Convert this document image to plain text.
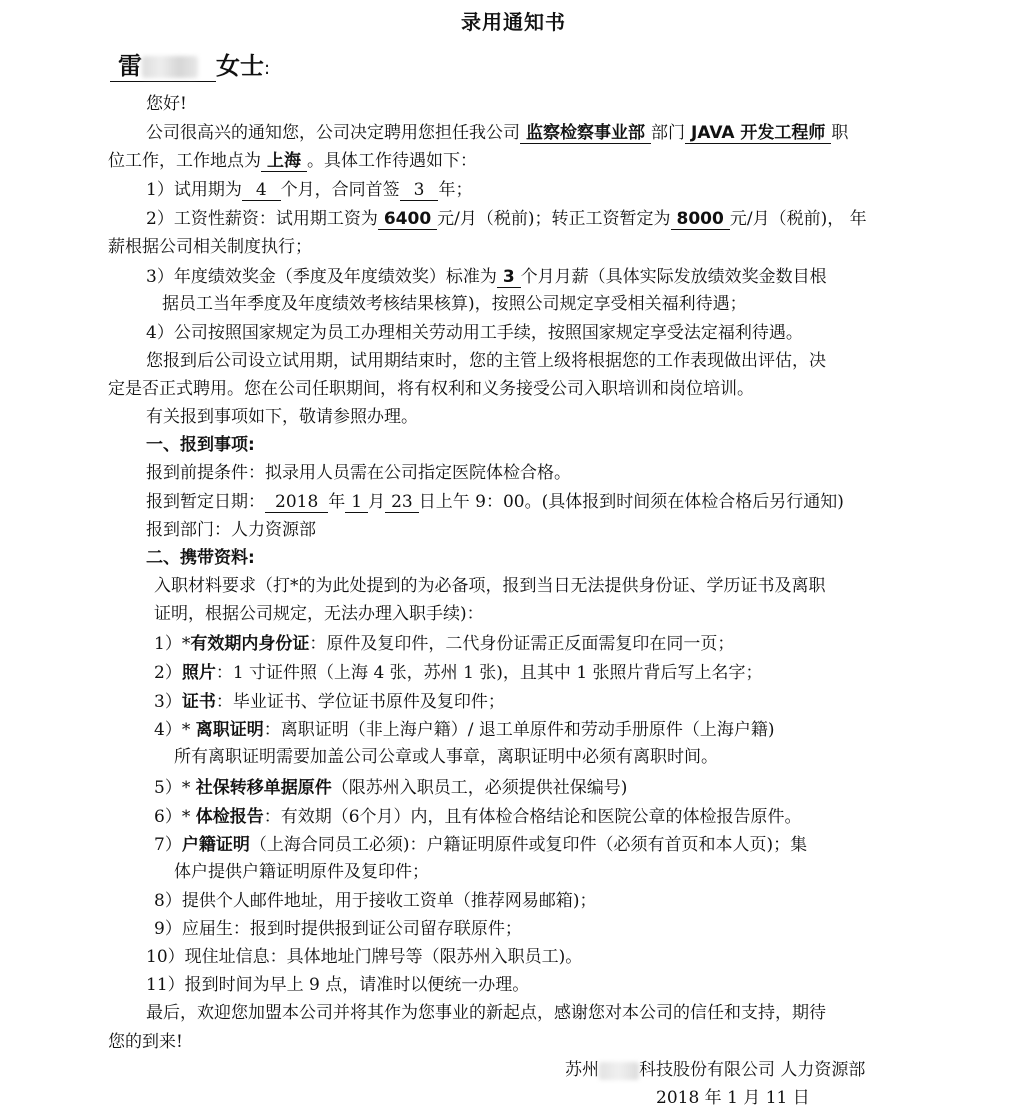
录用通知书
雷	女士:
您好!
公司很高兴的通知您，公司决定聘用您担任我公司 监察检察事业部 部门 JAVA 开发工程师 职
位工作，工作地点为 上海 。具体工作待遇如下：
1）试用期为 4 个月，合同首签 3 年；
2）工资性薪资：试用期工资为 6400 元/月（税前)；转正工资暂定为 8000 元/月（税前)， 年
薪根据公司相关制度执行；
3）年度绩效奖金（季度及年度绩效奖）标准为 3 个月月薪（具体实际发放绩效奖金数目根
据员工当年季度及年度绩效考核结果核算)，按照公司规定享受相关福利待遇；
4）公司按照国家规定为员工办理相关劳动用工手续，按照国家规定享受法定福利待遇。
您报到后公司设立试用期，试用期结束时，您的主管上级将根据您的工作表现做出评估，决
定是否正式聘用。您在公司任职期间，将有权利和义务接受公司入职培训和岗位培训。
有关报到事项如下，敬请参照办理。
一、报到事项:
报到前提条件：拟录用人员需在公司指定医院体检合格。
报到暂定日期： 2018 年 1 月 23 日上午 9：00。(具体报到时间须在体检合格后另行通知)
报到部门：人力资源部
二、携带资料:
入职材料要求（打*的为此处提到的为必备项，报到当日无法提供身份证、学历证书及离职
证明，根据公司规定，无法办理入职手续)：
1）*有效期内身份证：原件及复印件，二代身份证需正反面需复印在同一页；
2）照片：1 寸证件照（上海 4 张，苏州 1 张)，且其中 1 张照片背后写上名字；
3）证书：毕业证书、学位证书原件及复印件；
4）* 离职证明：离职证明（非上海户籍）/ 退工单原件和劳动手册原件（上海户籍)
所有离职证明需要加盖公司公章或人事章，离职证明中必须有离职时间。
5）* 社保转移单据原件（限苏州入职员工，必须提供社保编号)
6）* 体检报告：有效期（6个月）内，且有体检合格结论和医院公章的体检报告原件。
7）户籍证明（上海合同员工必须)：户籍证明原件或复印件（必须有首页和本人页)；集
体户提供户籍证明原件及复印件；
8）提供个人邮件地址，用于接收工资单（推荐网易邮箱)；
9）应届生：报到时提供报到证公司留存联原件；
10）现住址信息：具体地址门牌号等（限苏州入职员工)。
11）报到时间为早上 9 点，请准时以便统一办理。
最后，欢迎您加盟本公司并将其作为您事业的新起点，感谢您对本公司的信任和支持，期待
您的到来!
苏州 科技股份有限公司 人力资源部
2018 年 1 月 11 日
